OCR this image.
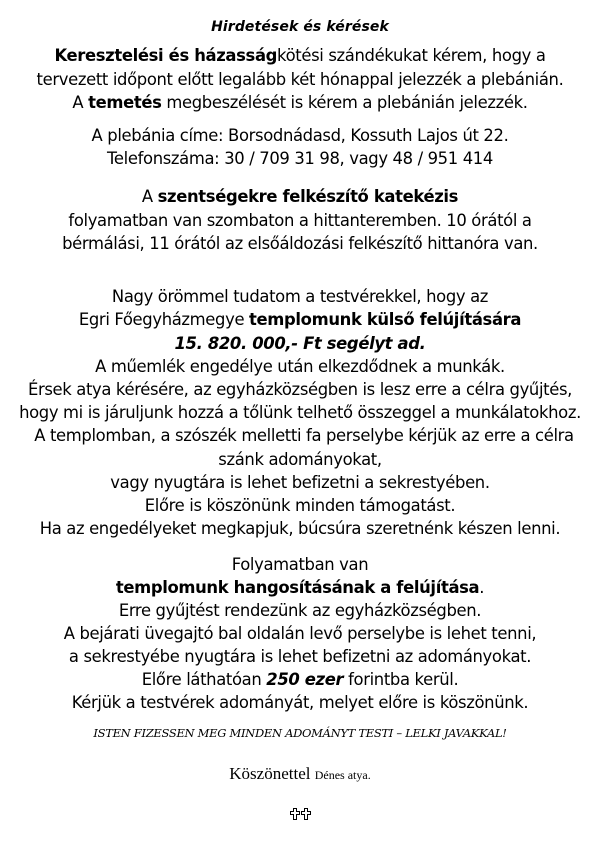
Hirdetések és kérések
Keresztelési és házasságkötési szándékukat kérem, hogy a
tervezett időpont előtt legalább két hónappal jelezzék a plebánián.
A temetés megbeszélését is kérem a plebánián jelezzék.
A plebánia címe: Borsodnádasd, Kossuth Lajos út 22.
Telefonszáma: 30 / 709 31 98, vagy 48 / 951 414
A szentségekre felkészítő katekézis
folyamatban van szombaton a hittanteremben. 10 órától a
bérmálási, 11 órától az elsőáldozási felkészítő hittanóra van.
Nagy örömmel tudatom a testvérekkel, hogy az
Egri Főegyházmegye templomunk külső felújítására
15. 820. 000,- Ft segélyt ad.
A műemlék engedélye után elkezdődnek a munkák.
Érsek atya kérésére, az egyházközségben is lesz erre a célra gyűjtés,
hogy mi is járuljunk hozzá a tőlünk telhető összeggel a munkálatokhoz.
A templomban, a szószék melletti fa perselybe kérjük az erre a célra
szánk adományokat,
vagy nyugtára is lehet befizetni a sekrestyében.
Előre is köszönünk minden támogatást.
Ha az engedélyeket megkapjuk, búcsúra szeretnénk készen lenni.
Folyamatban van
templomunk hangosításának a felújítása.
Erre gyűjtést rendezünk az egyházközségben.
A bejárati üvegajtó bal oldalán levő perselybe is lehet tenni,
a sekrestyébe nyugtára is lehet befizetni az adományokat.
Előre láthatóan 250 ezer forintba kerül.
Kérjük a testvérek adományát, melyet előre is köszönünk.
ISTEN FIZESSEN MEG MINDEN ADOMÁNYT TESTI – LELKI JAVAKKAL!
Köszönettel Dénes atya.
